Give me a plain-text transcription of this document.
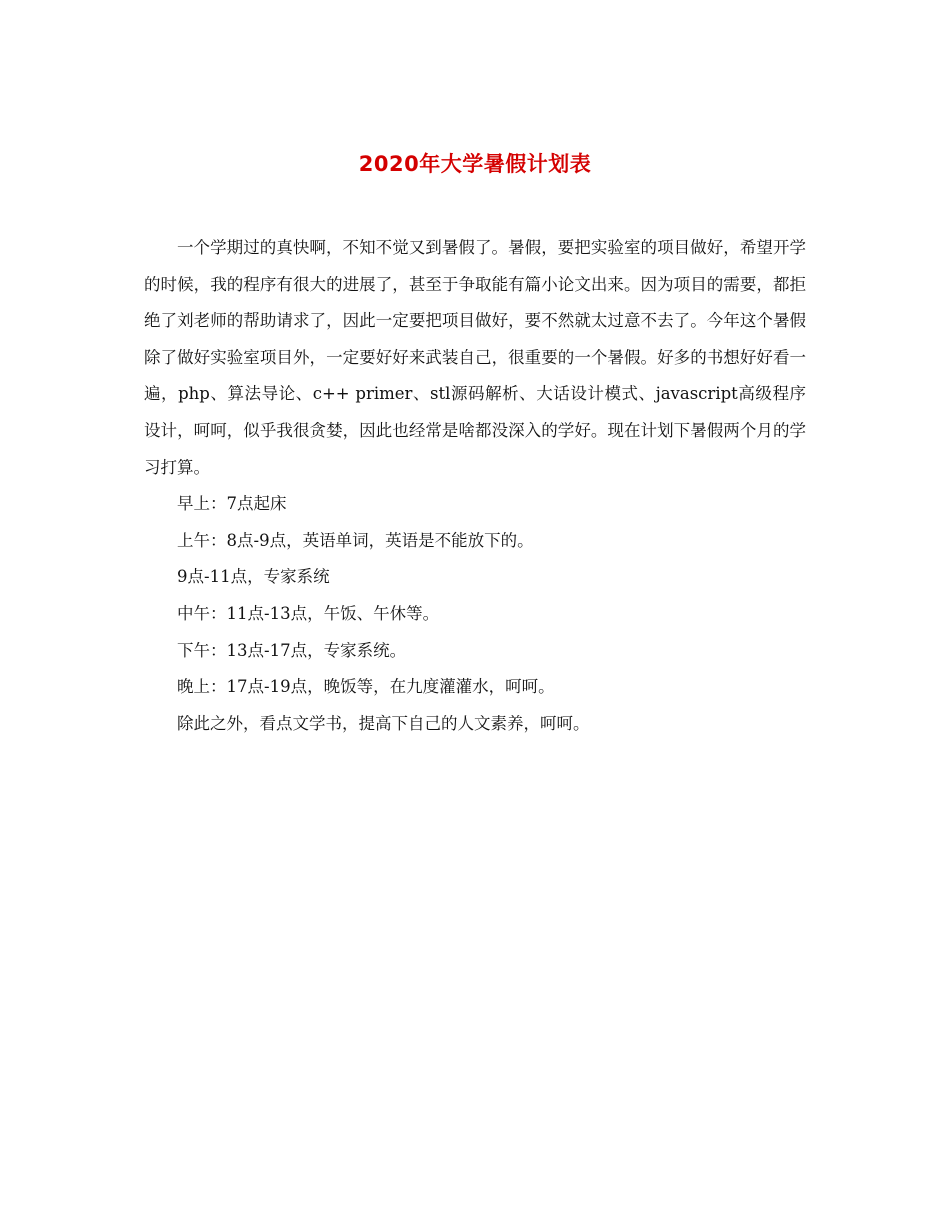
2020年大学暑假计划表

一个学期过的真快啊，不知不觉又到暑假了。暑假，要把实验室的项目做好，希望开学的时候，我的程序有很大的进展了，甚至于争取能有篇小论文出来。因为项目的需要，都拒绝了刘老师的帮助请求了，因此一定要把项目做好，要不然就太过意不去了。今年这个暑假除了做好实验室项目外，一定要好好来武装自己，很重要的一个暑假。好多的书想好好看一遍，php、算法导论、c++ primer、stl源码解析、大话设计模式、javascript高级程序设计，呵呵，似乎我很贪婪，因此也经常是啥都没深入的学好。现在计划下暑假两个月的学习打算。

早上：7点起床

上午：8点-9点，英语单词，英语是不能放下的。

9点-11点，专家系统

中午：11点-13点，午饭、午休等。

下午：13点-17点，专家系统。

晚上：17点-19点，晚饭等，在九度灌灌水，呵呵。

除此之外，看点文学书，提高下自己的人文素养，呵呵。
